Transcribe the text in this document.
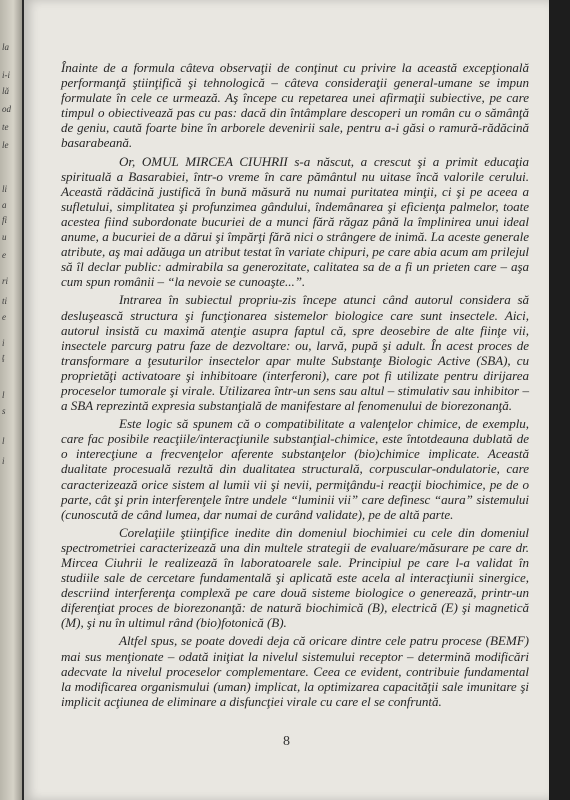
la
i-i
lă
od
te
le
li
a
fi
u
e
ri
ti
e
i
ţ
l
s
l
i

Înainte de a formula câteva observaţii de conţinut cu privire la această excepţională performanţă ştiinţifică şi tehnologică – câteva consideraţii general-umane se impun formulate în cele ce urmează. Aş începe cu repetarea unei afirmaţii subiective, pe care timpul o obiectivează pas cu pas: dacă din întâmplare descoperi un român cu o sămânţă de geniu, caută foarte bine în arborele devenirii sale, pentru a-i găsi o ramură-rădăcină basarabeană.

Or, OMUL MIRCEA CIUHRII s-a născut, a crescut şi a primit educaţia spirituală a Basarabiei, într-o vreme în care pământul nu uitase încă valorile cerului. Această rădăcină justifică în bună măsură nu numai puritatea minţii, ci şi pe aceea a sufletului, simplitatea şi profunzimea gândului, îndemânarea şi eficienţa palmelor, toate acestea fiind subordonate bucuriei de a munci fără răgaz până la împlinirea unui ideal anume, a bucuriei de a dărui şi împărţi fără nici o strângere de inimă. La aceste generale atribute, aş mai adăuga un atribut testat în variate chipuri, pe care abia acum am prilejul să îl declar public: admirabila sa generozitate, calitatea sa de a fi un prieten care – aşa cum spun românii – “la nevoie se cunoaşte...”.

Intrarea în subiectul propriu-zis începe atunci când autorul considera să desluşească structura şi funcţionarea sistemelor biologice care sunt insectele. Aici, autorul insistă cu maximă atenţie asupra faptul că, spre deosebire de alte fiinţe vii, insectele parcurg patru faze de dezvoltare: ou, larvă, pupă şi adult. În acest proces de transformare a ţesuturilor insectelor apar multe Substanţe Biologic Active (SBA), cu proprietăţi activatoare şi inhibitoare (interferoni), care pot fi utilizate pentru dirijarea proceselor tumorale şi virale. Utilizarea într-un sens sau altul – stimulativ sau inhibitor – a SBA reprezintă expresia substanţială de manifestare al fenomenului de biorezonanţă.

Este logic să spunem că o compatibilitate a valenţelor chimice, de exemplu, care fac posibile reacţiile/interacţiunile substanţial-chimice, este întotdeauna dublată de o interecţiune a frecvenţelor aferente substanţelor (bio)chimice implicate. Această dualitate procesuală rezultă din dualitatea structurală, corpuscular-ondulatorie, care caracterizează orice sistem al lumii vii şi nevii, permiţându-i reacţii biochimice, pe de o parte, cât şi prin interferenţele între undele “luminii vii” care definesc “aura” sistemului (cunoscută de când lumea, dar numai de curând validate), pe de altă parte.

Corelaţiile ştiinţifice inedite din domeniul biochimiei cu cele din domeniul spectrometriei caracterizează una din multele strategii de evaluare/măsurare pe care dr. Mircea Ciuhrii le realizează în laboratoarele sale. Principiul pe care l-a validat în studiile sale de cercetare fundamentală şi aplicată este acela al interacţiunii sinergice, descriind interferenţa complexă pe care două sisteme biologice o generează, printr-un diferenţiat proces de biorezonanţă: de natură biochimică (B), electrică (E) şi magnetică (M), şi nu în ultimul rând (bio)fotonică (B).

Altfel spus, se poate dovedi deja că oricare dintre cele patru procese (BEMF) mai sus menţionate – odată iniţiat la nivelul sistemului receptor – determină modificări adecvate la nivelul proceselor complementare. Ceea ce evident, contribuie fundamental la modificarea organismului (uman) implicat, la optimizarea capacităţii sale imunitare şi implicit acţiunea de eliminare a disfuncţiei virale cu care el se confruntă.

8
